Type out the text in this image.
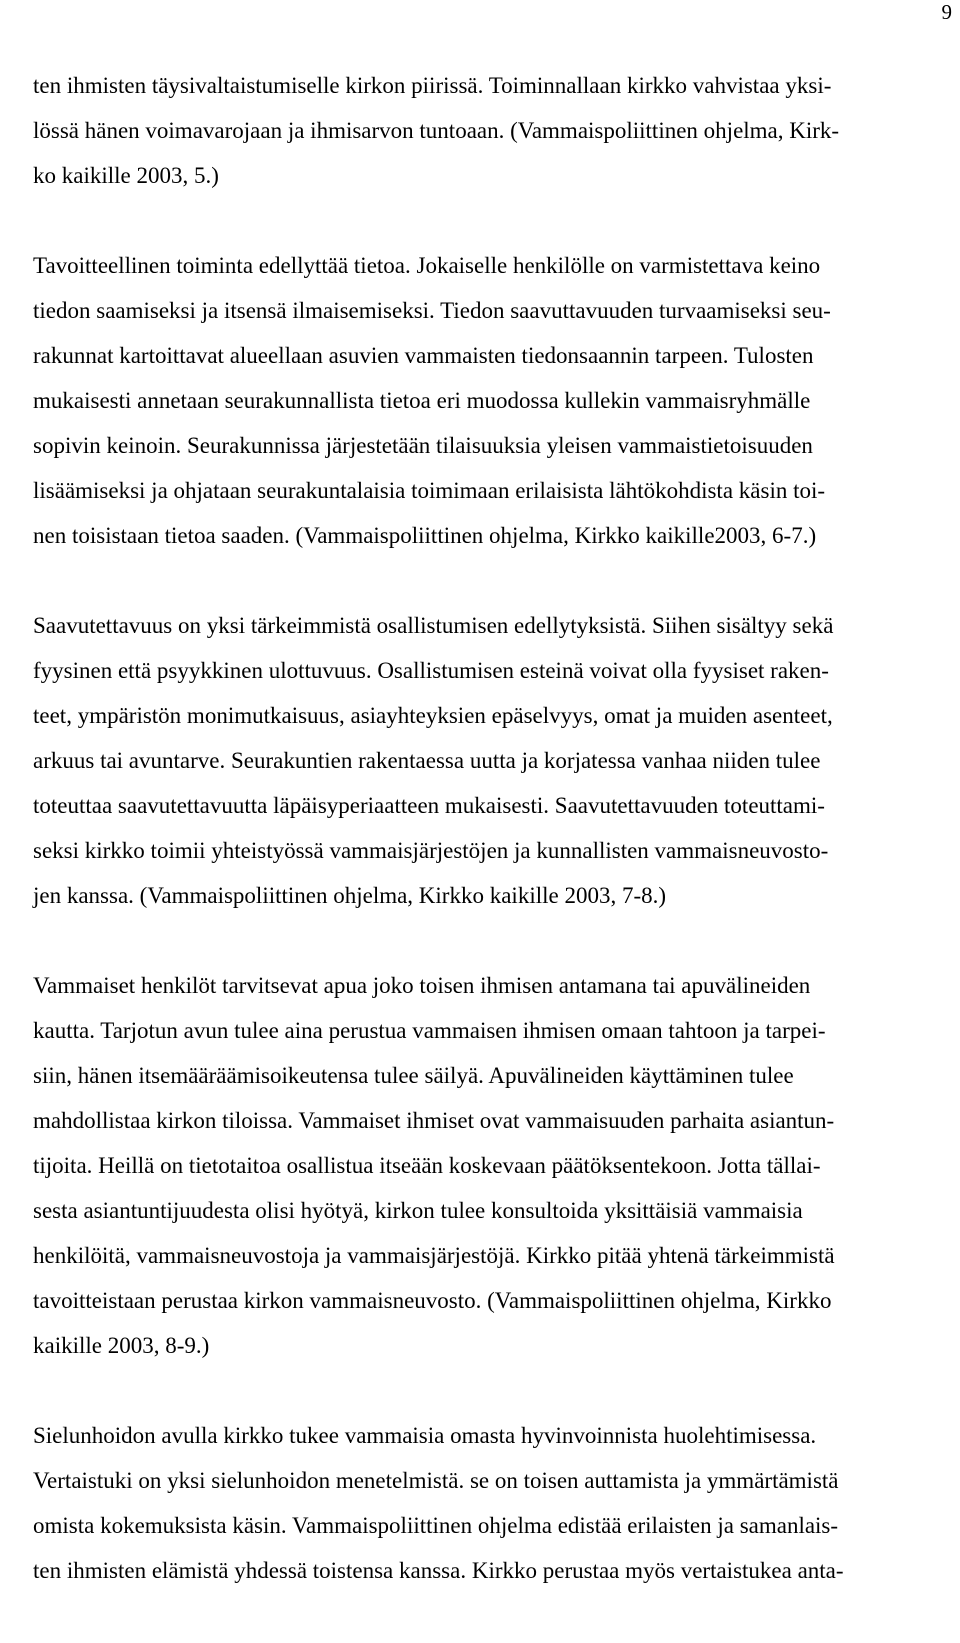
9
ten ihmisten täysivaltaistumiselle kirkon piirissä. Toiminnallaan kirkko vahvistaa yksi-
lössä hänen voimavarojaan ja ihmisarvon tuntoaan. (Vammaispoliittinen ohjelma, Kirk-
ko kaikille 2003, 5.)
Tavoitteellinen toiminta edellyttää tietoa. Jokaiselle henkilölle on varmistettava keino
tiedon saamiseksi ja itsensä ilmaisemiseksi. Tiedon saavuttavuuden turvaamiseksi seu-
rakunnat kartoittavat alueellaan asuvien vammaisten tiedonsaannin tarpeen. Tulosten
mukaisesti annetaan seurakunnallista tietoa eri muodossa kullekin vammaisryhmälle
sopivin keinoin. Seurakunnissa järjestetään tilaisuuksia yleisen vammaistietoisuuden
lisäämiseksi ja ohjataan seurakuntalaisia toimimaan erilaisista lähtökohdista käsin toi-
nen toisistaan tietoa saaden. (Vammaispoliittinen ohjelma, Kirkko kaikille2003, 6-7.)
Saavutettavuus on yksi tärkeimmistä osallistumisen edellytyksistä. Siihen sisältyy sekä
fyysinen että psyykkinen ulottuvuus. Osallistumisen esteinä voivat olla fyysiset raken-
teet, ympäristön monimutkaisuus, asiayhteyksien epäselvyys, omat ja muiden asenteet,
arkuus tai avuntarve. Seurakuntien rakentaessa uutta ja korjatessa vanhaa niiden tulee
toteuttaa saavutettavuutta läpäisyperiaatteen mukaisesti. Saavutettavuuden toteuttami-
seksi kirkko toimii yhteistyössä vammaisjärjestöjen ja kunnallisten vammaisneuvosto-
jen kanssa. (Vammaispoliittinen ohjelma, Kirkko kaikille 2003, 7-8.)
Vammaiset henkilöt tarvitsevat apua joko toisen ihmisen antamana tai apuvälineiden
kautta. Tarjotun avun tulee aina perustua vammaisen ihmisen omaan tahtoon ja tarpei-
siin, hänen itsemääräämisoikeutensa tulee säilyä. Apuvälineiden käyttäminen tulee
mahdollistaa kirkon tiloissa. Vammaiset ihmiset ovat vammaisuuden parhaita asiantun-
tijoita. Heillä on tietotaitoa osallistua itseään koskevaan päätöksentekoon. Jotta tällai-
sesta asiantuntijuudesta olisi hyötyä, kirkon tulee konsultoida yksittäisiä vammaisia
henkilöitä, vammaisneuvostoja ja vammaisjärjestöjä. Kirkko pitää yhtenä tärkeimmistä
tavoitteistaan perustaa kirkon vammaisneuvosto. (Vammaispoliittinen ohjelma, Kirkko
kaikille 2003, 8-9.)
Sielunhoidon avulla kirkko tukee vammaisia omasta hyvinvoinnista huolehtimisessa.
Vertaistuki on yksi sielunhoidon menetelmistä. se on toisen auttamista ja ymmärtämistä
omista kokemuksista käsin. Vammaispoliittinen ohjelma edistää erilaisten ja samanlais-
ten ihmisten elämistä yhdessä toistensa kanssa. Kirkko perustaa myös vertaistukea anta-
